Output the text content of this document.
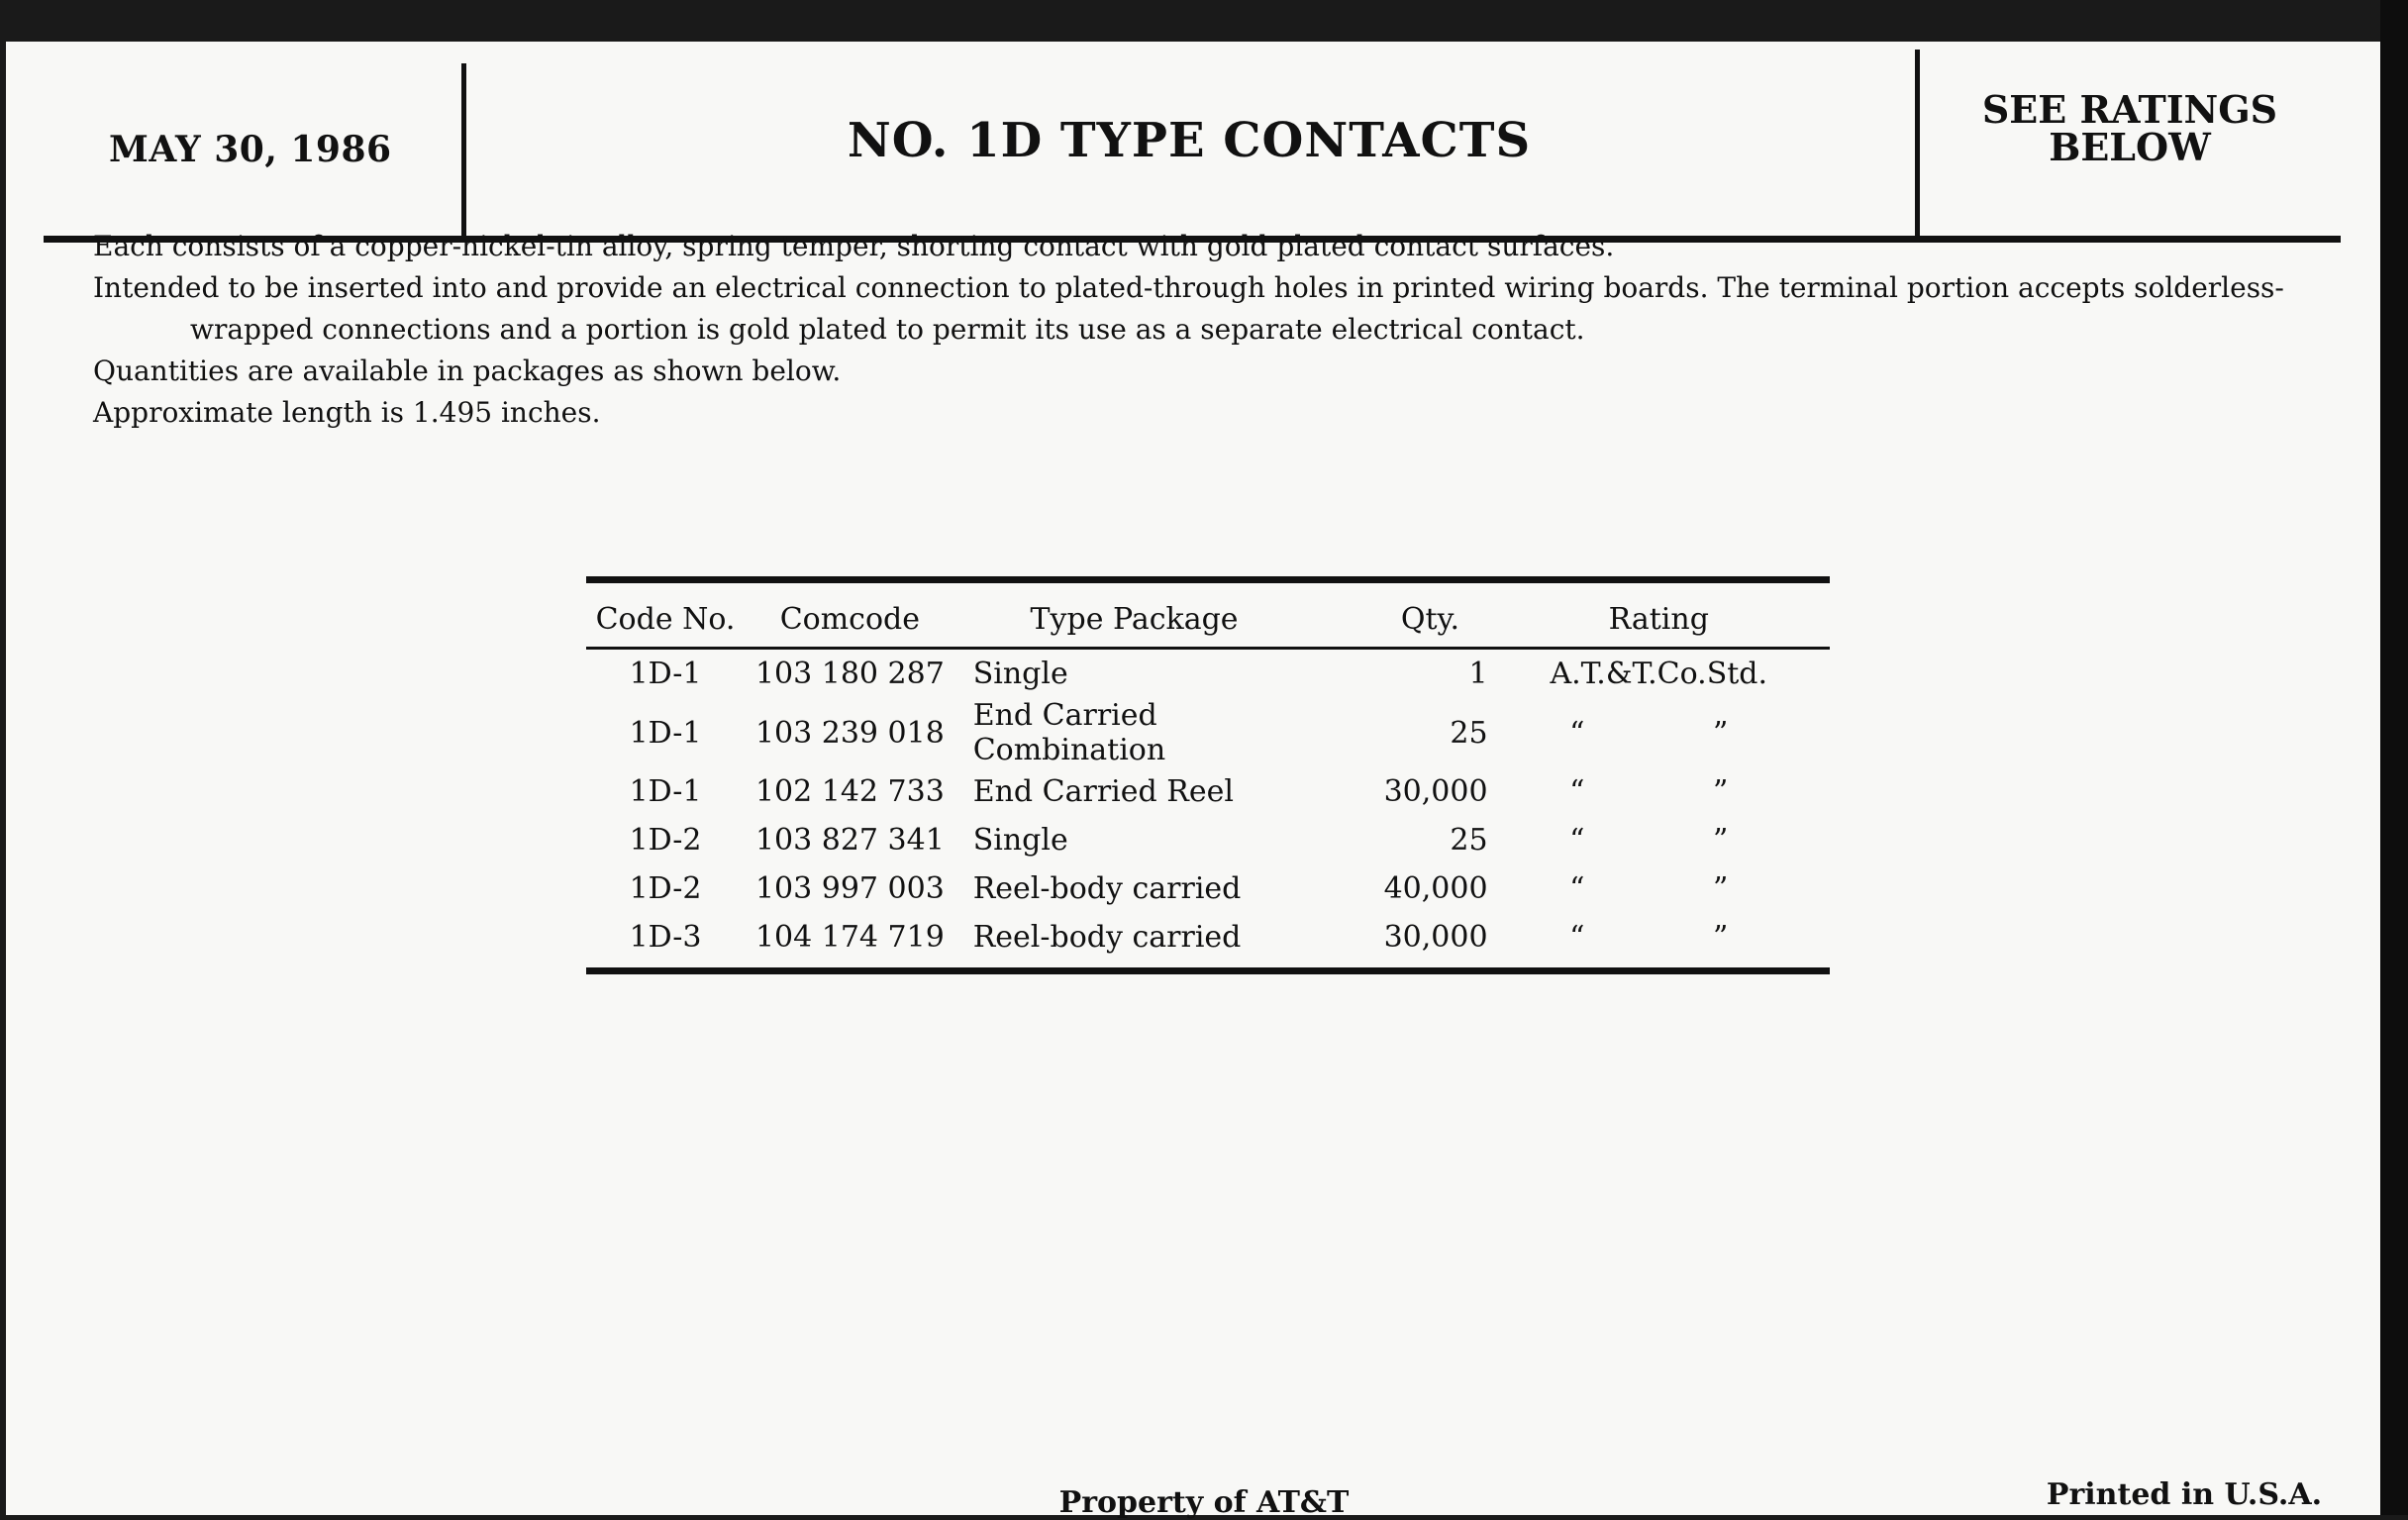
MAY 30, 1986	NO. 1D TYPE CONTACTS
SEE RATINGS
BELOW

Each consists of a copper-nickel-tin alloy, spring temper, shorting contact with gold plated contact surfaces.

Intended to be inserted into and provide an electrical connection to plated-through holes in printed wiring boards. The terminal portion accepts solderless-wrapped connections and a portion is gold plated to permit its use as a separate electrical contact.

Quantities are available in packages as shown below.

Approximate length is 1.495 inches.

Code No.	Comcode	Type Package	Qty.	Rating

1D-1	103 180 287	Single	1	A.T.&T.Co.Std.
1D-1	103 239 018	End Carried Combination	25	“ ”
1D-1	102 142 733	End Carried Reel	30,000	“ ”
1D-2	103 827 341	Single	25	“ ”
1D-2	103 997 003	Reel-body carried	40,000	“ ”
1D-3	104 174 719	Reel-body carried	30,000	“ ”
Property of AT&T	Printed in U.S.A.
